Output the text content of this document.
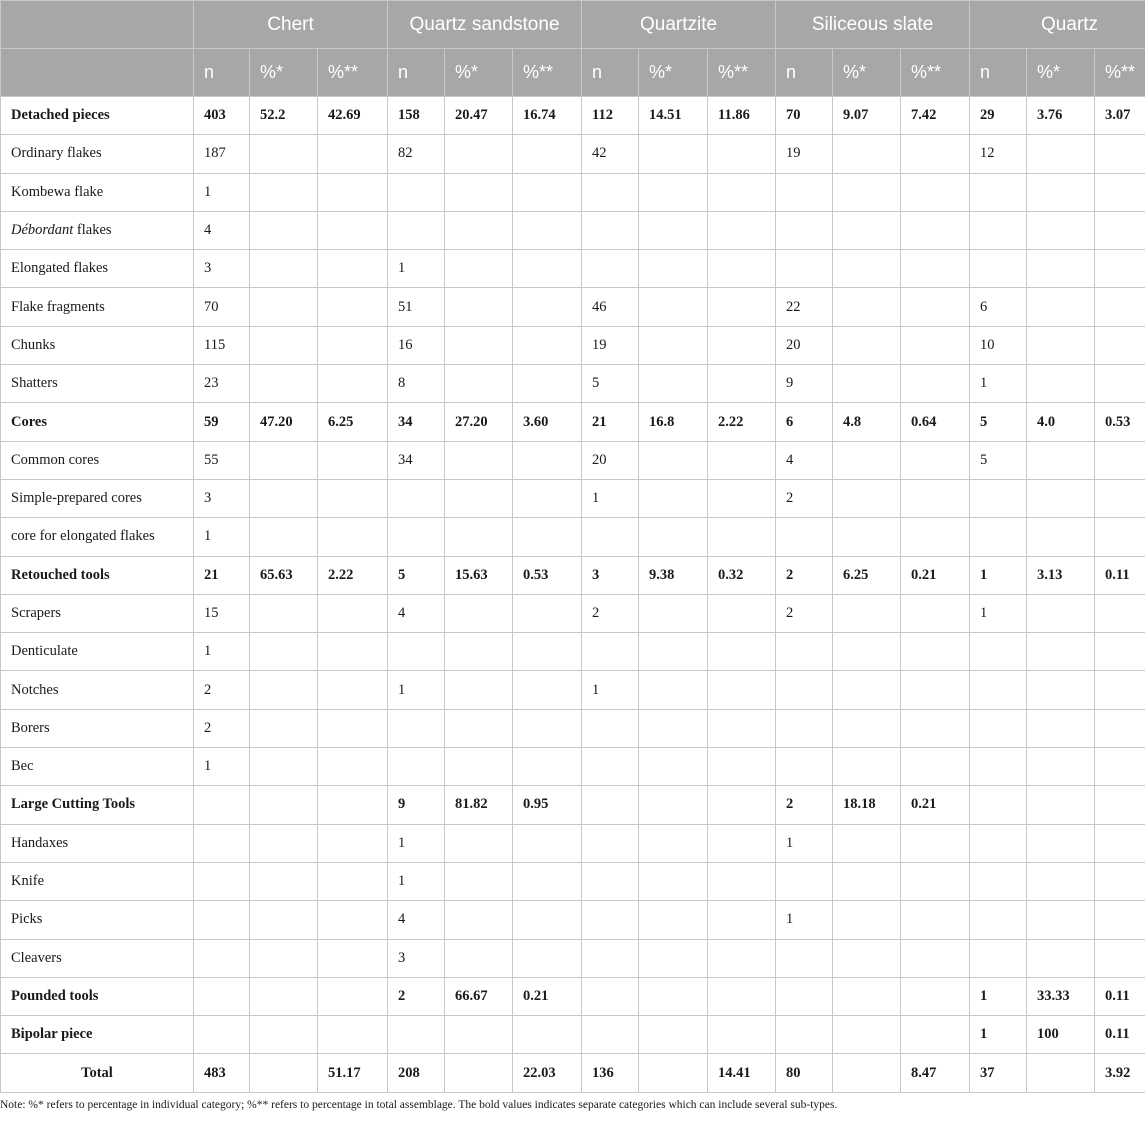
	Chert			Quartz sandstone			Quartzite			Siliceous slate			Quartz		
	n	%*	%**	n	%*	%**	n	%*	%**	n	%*	%**	n	%*	%**
Detached pieces	403	52.2	42.69	158	20.47	16.74	112	14.51	11.86	70	9.07	7.42	29	3.76	3.07
Ordinary flakes	187			82			42			19			12		
Kombewa flake	1														
Débordant flakes	4														
Elongated flakes	3			1											
Flake fragments	70			51			46			22			6		
Chunks	115			16			19			20			10		
Shatters	23			8			5			9			1		
Cores	59	47.20	6.25	34	27.20	3.60	21	16.8	2.22	6	4.8	0.64	5	4.0	0.53
Common cores	55			34			20			4			5		
Simple-prepared cores	3						1			2					
core for elongated flakes	1														
Retouched tools	21	65.63	2.22	5	15.63	0.53	3	9.38	0.32	2	6.25	0.21	1	3.13	0.11
Scrapers	15			4			2			2			1		
Denticulate	1														
Notches	2			1			1								
Borers	2														
Bec	1														
Large Cutting Tools				9	81.82	0.95				2	18.18	0.21			
Handaxes				1						1					
Knife				1											
Picks				4						1					
Cleavers				3											
Pounded tools				2	66.67	0.21							1	33.33	0.11
Bipolar piece													1	100	0.11
Total	483		51.17	208		22.03	136		14.41	80		8.47	37		3.92
Note: %* refers to percentage in individual category; %** refers to percentage in total assemblage. The bold values indicates separate categories which can include several sub-types.
